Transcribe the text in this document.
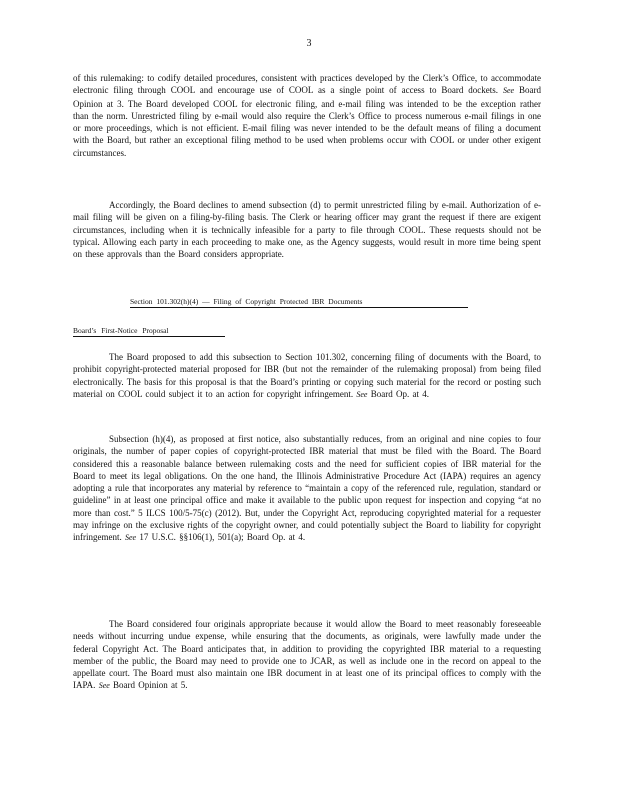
3

of this rulemaking: to codify detailed procedures, consistent with practices developed by the Clerk’s Office, to accommodate electronic filing through COOL and encourage use of COOL as a single point of access to Board dockets. See Board Opinion at 3. The Board developed COOL for electronic filing, and e-mail filing was intended to be the exception rather than the norm. Unrestricted filing by e-mail would also require the Clerk’s Office to process numerous e-mail filings in one or more proceedings, which is not efficient. E-mail filing was never intended to be the default means of filing a document with the Board, but rather an exceptional filing method to be used when problems occur with COOL or under other exigent circumstances.

Accordingly, the Board declines to amend subsection (d) to permit unrestricted filing by e-mail. Authorization of e-mail filing will be given on a filing-by-filing basis. The Clerk or hearing officer may grant the request if there are exigent circumstances, including when it is technically infeasible for a party to file through COOL. These requests should not be typical. Allowing each party in each proceeding to make one, as the Agency suggests, would result in more time being spent on these approvals than the Board considers appropriate.

Section 101.302(h)(4) — Filing of Copyright Protected IBR Documents
Board’s First-Notice Proposal

The Board proposed to add this subsection to Section 101.302, concerning filing of documents with the Board, to prohibit copyright-protected material proposed for IBR (but not the remainder of the rulemaking proposal) from being filed electronically. The basis for this proposal is that the Board’s printing or copying such material for the record or posting such material on COOL could subject it to an action for copyright infringement. See Board Op. at 4.

Subsection (h)(4), as proposed at first notice, also substantially reduces, from an original and nine copies to four originals, the number of paper copies of copyright-protected IBR material that must be filed with the Board. The Board considered this a reasonable balance between rulemaking costs and the need for sufficient copies of IBR material for the Board to meet its legal obligations. On the one hand, the Illinois Administrative Procedure Act (IAPA) requires an agency adopting a rule that incorporates any material by reference to “maintain a copy of the referenced rule, regulation, standard or guideline” in at least one principal office and make it available to the public upon request for inspection and copying “at no more than cost.” 5 ILCS 100/5-75(c) (2012). But, under the Copyright Act, reproducing copyrighted material for a requester may infringe on the exclusive rights of the copyright owner, and could potentially subject the Board to liability for copyright infringement. See 17 U.S.C. §§106(1), 501(a); Board Op. at 4.

The Board considered four originals appropriate because it would allow the Board to meet reasonably foreseeable needs without incurring undue expense, while ensuring that the documents, as originals, were lawfully made under the federal Copyright Act. The Board anticipates that, in addition to providing the copyrighted IBR material to a requesting member of the public, the Board may need to provide one to JCAR, as well as include one in the record on appeal to the appellate court. The Board must also maintain one IBR document in at least one of its principal offices to comply with the IAPA. See Board Opinion at 5.
